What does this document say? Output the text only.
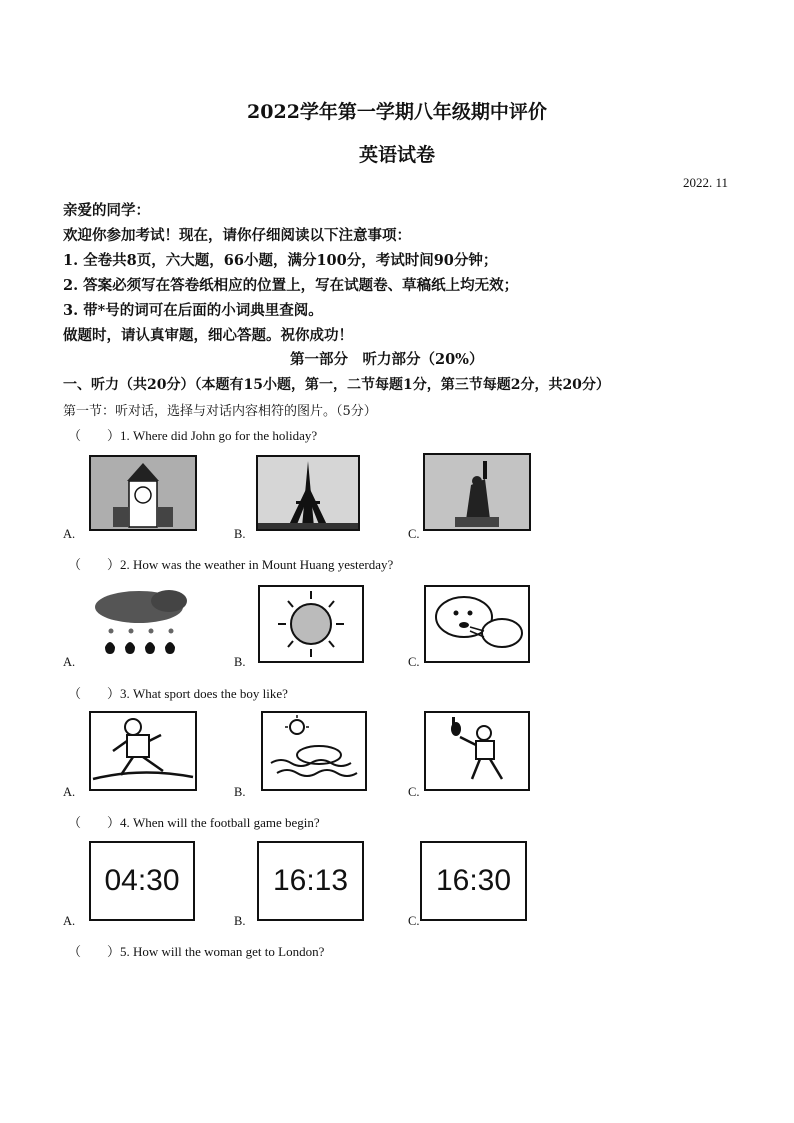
2022学年第一学期八年级期中评价
英语试卷
2022. 11
亲爱的同学：
欢迎你参加考试！现在，请你仔细阅读以下注意事项：
1. 全卷共8页，六大题，66小题，满分100分，考试时间90分钟；
2. 答案必须写在答卷纸相应的位置上，写在试题卷、草稿纸上均无效；
3. 带*号的词可在后面的小词典里查阅。
做题时，请认真审题，细心答题。祝你成功！
第一部分　听力部分（20%）
一、听力（共20分）（本题有15小题，第一，二节每题1分，第三节每题2分，共20分）
第一节：听对话，选择与对话内容相符的图片。（5分）
（　　）1. Where did John go for the holiday?
A.	B.	C.
（　　）2. How was the weather in Mount Huang yesterday?
A.	B.	C.
（　　）3. What sport does the boy like?
A.	B.	C.
（　　）4. When will the football game begin?
04:30
A.
16:13
B.
16:30
C.
（　　）5. How will the woman get to London?
